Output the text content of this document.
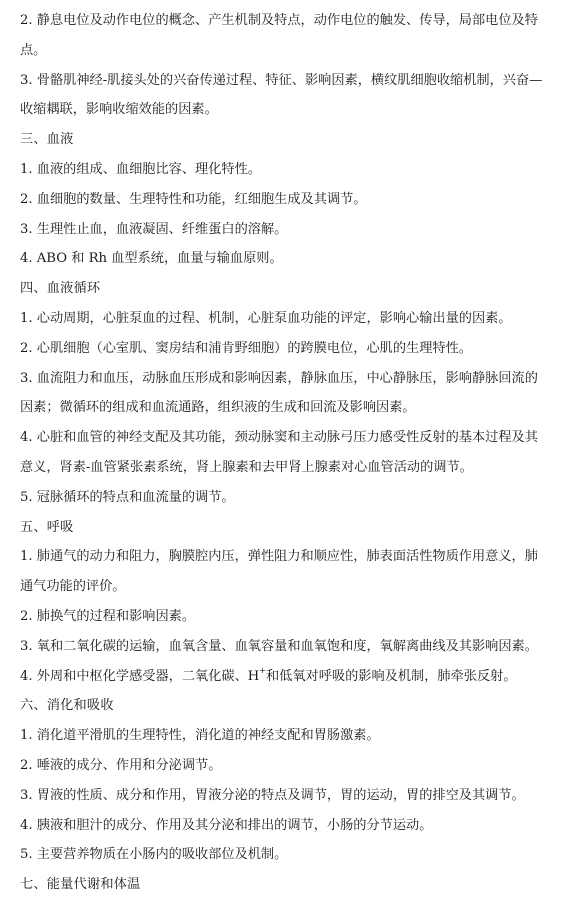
2. 静息电位及动作电位的概念、产生机制及特点，动作电位的触发、传导，局部电位及特
点。
3. 骨骼肌神经-肌接头处的兴奋传递过程、特征、影响因素，横纹肌细胞收缩机制，兴奋—
收缩耦联，影响收缩效能的因素。
三、血液
1. 血液的组成、血细胞比容、理化特性。
2. 血细胞的数量、生理特性和功能，红细胞生成及其调节。
3. 生理性止血，血液凝固、纤维蛋白的溶解。
4. ABO 和 Rh 血型系统，血量与输血原则。
四、血液循环
1. 心动周期，心脏泵血的过程、机制，心脏泵血功能的评定，影响心输出量的因素。
2. 心肌细胞（心室肌、窦房结和浦肯野细胞）的跨膜电位，心肌的生理特性。
3. 血流阻力和血压，动脉血压形成和影响因素，静脉血压，中心静脉压，影响静脉回流的
因素；微循环的组成和血流通路，组织液的生成和回流及影响因素。
4. 心脏和血管的神经支配及其功能，颈动脉窦和主动脉弓压力感受性反射的基本过程及其
意义，肾素-血管紧张素系统，肾上腺素和去甲肾上腺素对心血管活动的调节。
5. 冠脉循环的特点和血流量的调节。
五、呼吸
1. 肺通气的动力和阻力，胸膜腔内压，弹性阻力和顺应性，肺表面活性物质作用意义，肺
通气功能的评价。
2. 肺换气的过程和影响因素。
3. 氧和二氧化碳的运输，血氧含量、血氧容量和血氧饱和度，氧解离曲线及其影响因素。
4. 外周和中枢化学感受器，二氧化碳、H+和低氧对呼吸的影响及机制，肺牵张反射。
六、消化和吸收
1. 消化道平滑肌的生理特性，消化道的神经支配和胃肠激素。
2. 唾液的成分、作用和分泌调节。
3. 胃液的性质、成分和作用，胃液分泌的特点及调节，胃的运动，胃的排空及其调节。
4. 胰液和胆汁的成分、作用及其分泌和排出的调节，小肠的分节运动。
5. 主要营养物质在小肠内的吸收部位及机制。
七、能量代谢和体温
